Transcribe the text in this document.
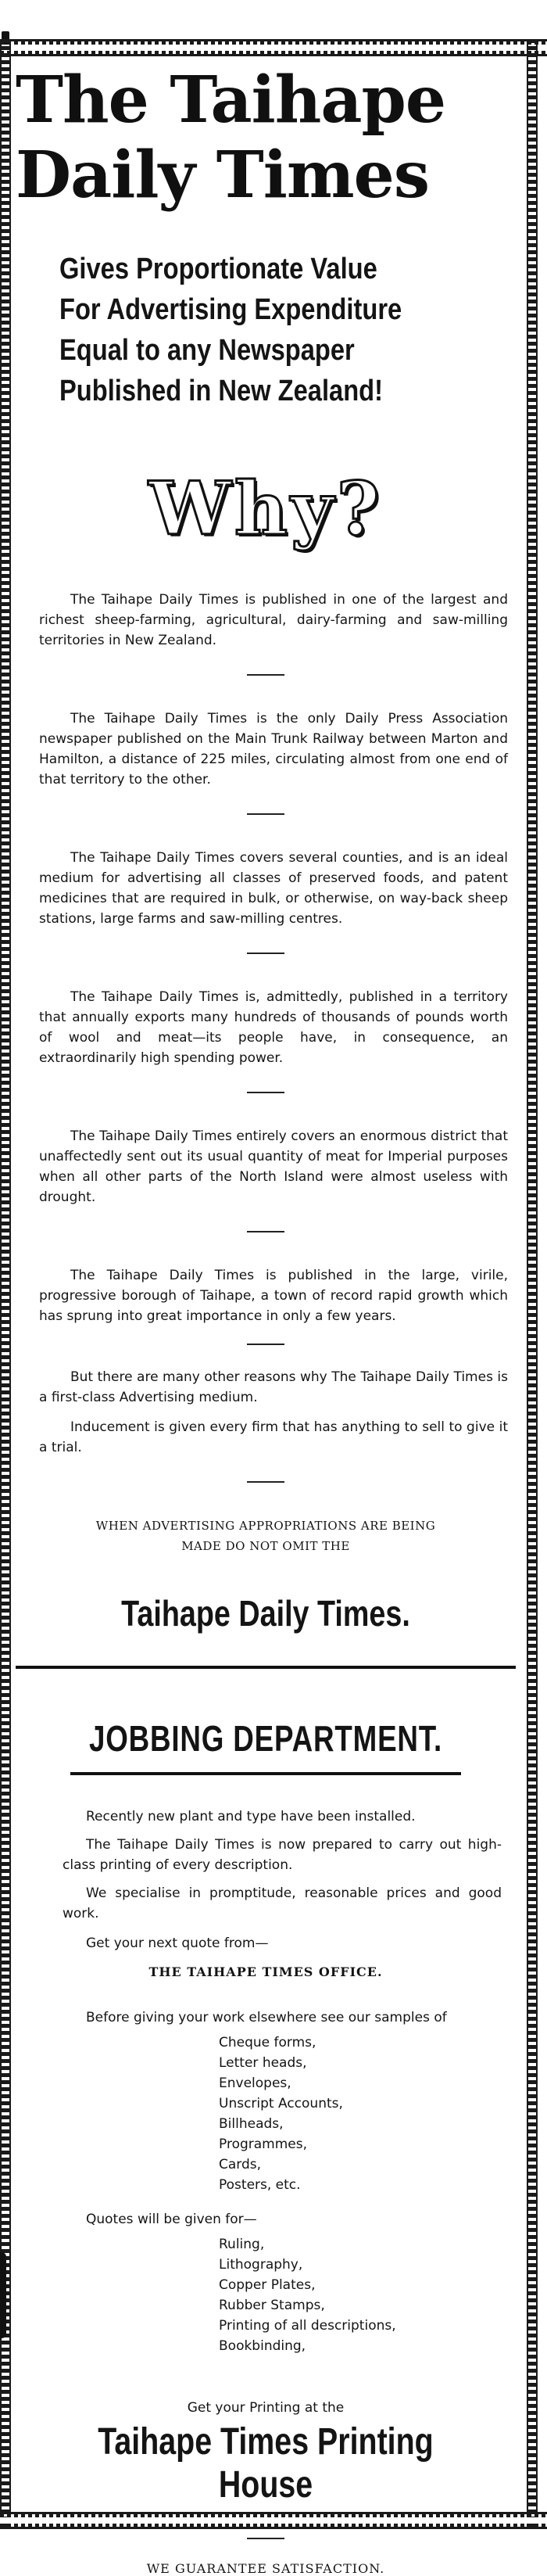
The Taihape
Daily Times
Gives Proportionate Value
For Advertising Expenditure
Equal to any Newspaper
Published in New Zealand!
Why?

The Taihape Daily Times is published in one of the largest and richest sheep-farming, agricultural, dairy-farming and saw-milling territories in New Zealand.

The Taihape Daily Times is the only Daily Press Association newspaper published on the Main Trunk Railway between Marton and Hamilton, a distance of 225 miles, circulating almost from one end of that territory to the other.

The Taihape Daily Times covers several counties, and is an ideal medium for advertising all classes of preserved foods, and patent medicines that are required in bulk, or otherwise, on way-back sheep stations, large farms and saw-milling centres.

The Taihape Daily Times is, admittedly, published in a territory that annually exports many hundreds of thousands of pounds worth of wool and meat—its people have, in consequence, an extraordinarily high spending power.

The Taihape Daily Times entirely covers an enormous district that unaffectedly sent out its usual quantity of meat for Imperial purposes when all other parts of the North Island were almost useless with drought.

The Taihape Daily Times is published in the large, virile, progressive borough of Taihape, a town of record rapid growth which has sprung into great importance in only a few years.

But there are many other reasons why The Taihape Daily Times is a first-class Advertising medium.

Inducement is given every firm that has anything to sell to give it a trial.

WHEN ADVERTISING APPROPRIATIONS ARE BEING
MADE DO NOT OMIT THE
Taihape Daily Times.
JOBBING DEPARTMENT.

Recently new plant and type have been installed.

The Taihape Daily Times is now prepared to carry out high-class printing of every description.

We specialise in promptitude, reasonable prices and good work.

Get your next quote from—

THE TAIHAPE TIMES OFFICE.
Before giving your work elsewhere see our samples of
Cheque forms,
Letter heads,
Envelopes,
Unscript Accounts,
Billheads,
Programmes,
Cards,
Posters, etc.
Quotes will be given for—
Ruling,
Lithography,
Copper Plates,
Rubber Stamps,
Printing of all descriptions,
Bookbinding,
Get your Printing at the
Taihape Times Printing House
WE GUARANTEE SATISFACTION.
